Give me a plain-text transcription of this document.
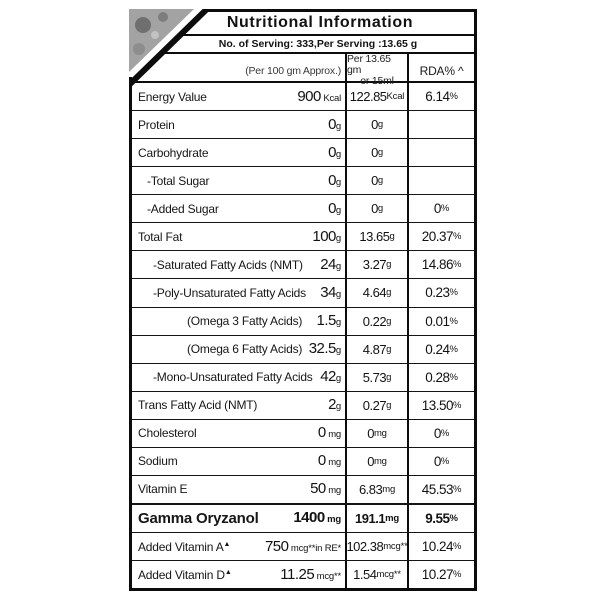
Nutritional Information
No. of Serving: 333,Per Serving :13.65 g
(Per 100 gm Approx.)
Per 13.65 gm
or 15ml
RDA% ^
Energy Value	900 Kcal 122.85 Kcal 6.14 %
Protein	0g	0 g
Carbohydrate	0g	0 g
-Total Sugar	0g	0 g
-Added Sugar	0g	0 g	0 %
Total Fat	100g	13.65 g 20.37 %
-Saturated Fatty Acids (NMT) 24g	3.27 g 14.86 %
-Poly-Unsaturated Fatty Acids 34g	4.64 g	0.23 %
(Omega 3 Fatty Acids) 1.5g	0.22 g	0.01 %
(Omega 6 Fatty Acids) 32.5g	4.87 g	0.24 %
-Mono-Unsaturated Fatty Acids 42g	5.73 g	0.28 %
Trans Fatty Acid (NMT)	2g	0.27 g 13.50 %
Cholesterol	0 mg	0 mg	0 %
Sodium	0 mg	0 mg	0 %
Vitamin E	50 mg	6.83 mg 45.53 %
Gamma Oryzanol 1400 mg	191.1 mg 9.55 %
Added Vitamin A▲ 750 mcg**in RE* 102.38 mcg** 10.24 %
Added Vitamin D▲	11.25 mcg** 1.54 mcg** 10.27 %
